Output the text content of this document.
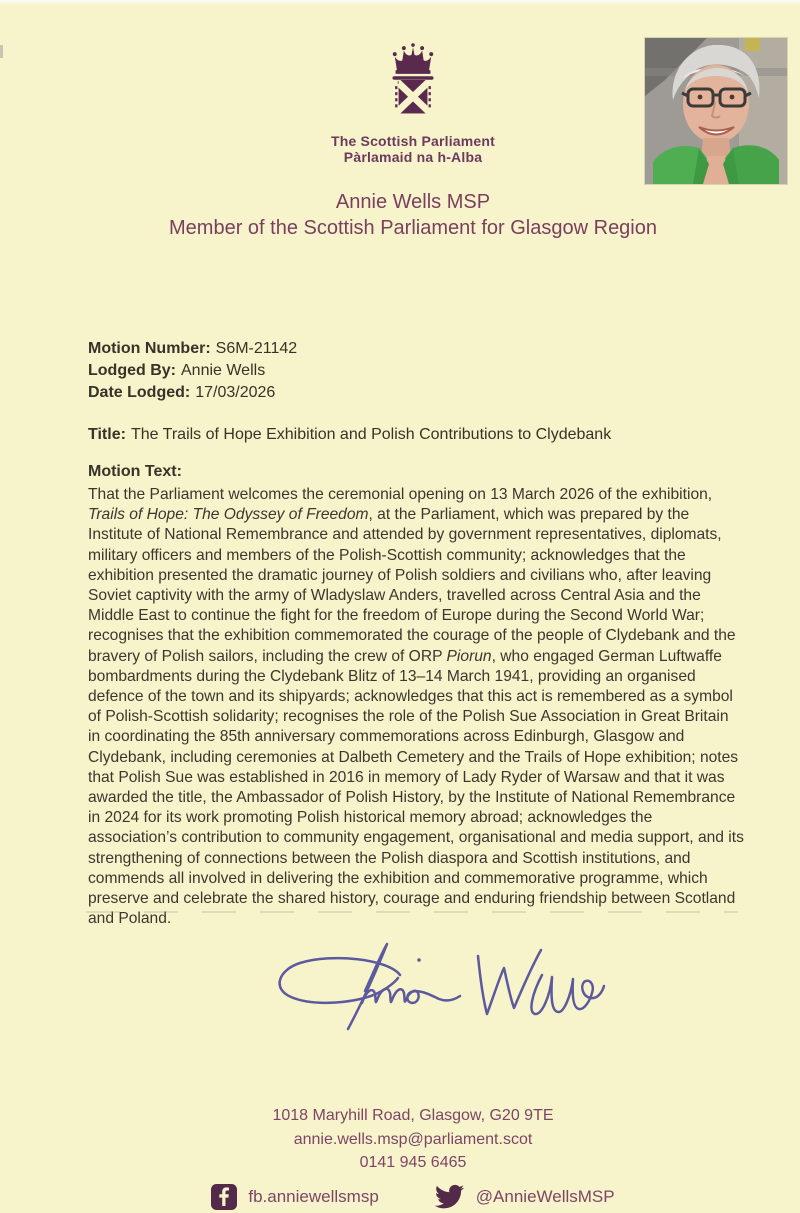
The Scottish Parliament
Pàrlamaid na h-Alba
Annie Wells MSP
Member of the Scottish Parliament for Glasgow Region

Motion Number: S6M-21142

Lodged By: Annie Wells

Date Lodged: 17/03/2026

Title: The Trails of Hope Exhibition and Polish Contributions to Clydebank

Motion Text:

That the Parliament welcomes the ceremonial opening on 13 March 2026 of the exhibition, Trails of Hope: The Odyssey of Freedom, at the Parliament, which was prepared by the Institute of National Remembrance and attended by government representatives, diplomats, military officers and members of the Polish-Scottish community; acknowledges that the exhibition presented the dramatic journey of Polish soldiers and civilians who, after leaving Soviet captivity with the army of Wladyslaw Anders, travelled across Central Asia and the Middle East to continue the fight for the freedom of Europe during the Second World War; recognises that the exhibition commemorated the courage of the people of Clydebank and the bravery of Polish sailors, including the crew of ORP Piorun, who engaged German Luftwaffe bombardments during the Clydebank Blitz of 13–14 March 1941, providing an organised defence of the town and its shipyards; acknowledges that this act is remembered as a symbol of Polish-Scottish solidarity; recognises the role of the Polish Sue Association in Great Britain in coordinating the 85th anniversary commemorations across Edinburgh, Glasgow and Clydebank, including ceremonies at Dalbeth Cemetery and the Trails of Hope exhibition; notes that Polish Sue was established in 2016 in memory of Lady Ryder of Warsaw and that it was awarded the title, the Ambassador of Polish History, by the Institute of National Remembrance in 2024 for its work promoting Polish historical memory abroad; acknowledges the association’s contribution to community engagement, organisational and media support, and its strengthening of connections between the Polish diaspora and Scottish institutions, and commends all involved in delivering the exhibition and commemorative programme, which preserve and celebrate the shared history, courage and enduring friendship between Scotland and Poland.

1018 Maryhill Road, Glasgow, G20 9TE
annie.wells.msp@parliament.scot
0141 945 6465
fb.anniewellsmsp	@AnnieWellsMSP
